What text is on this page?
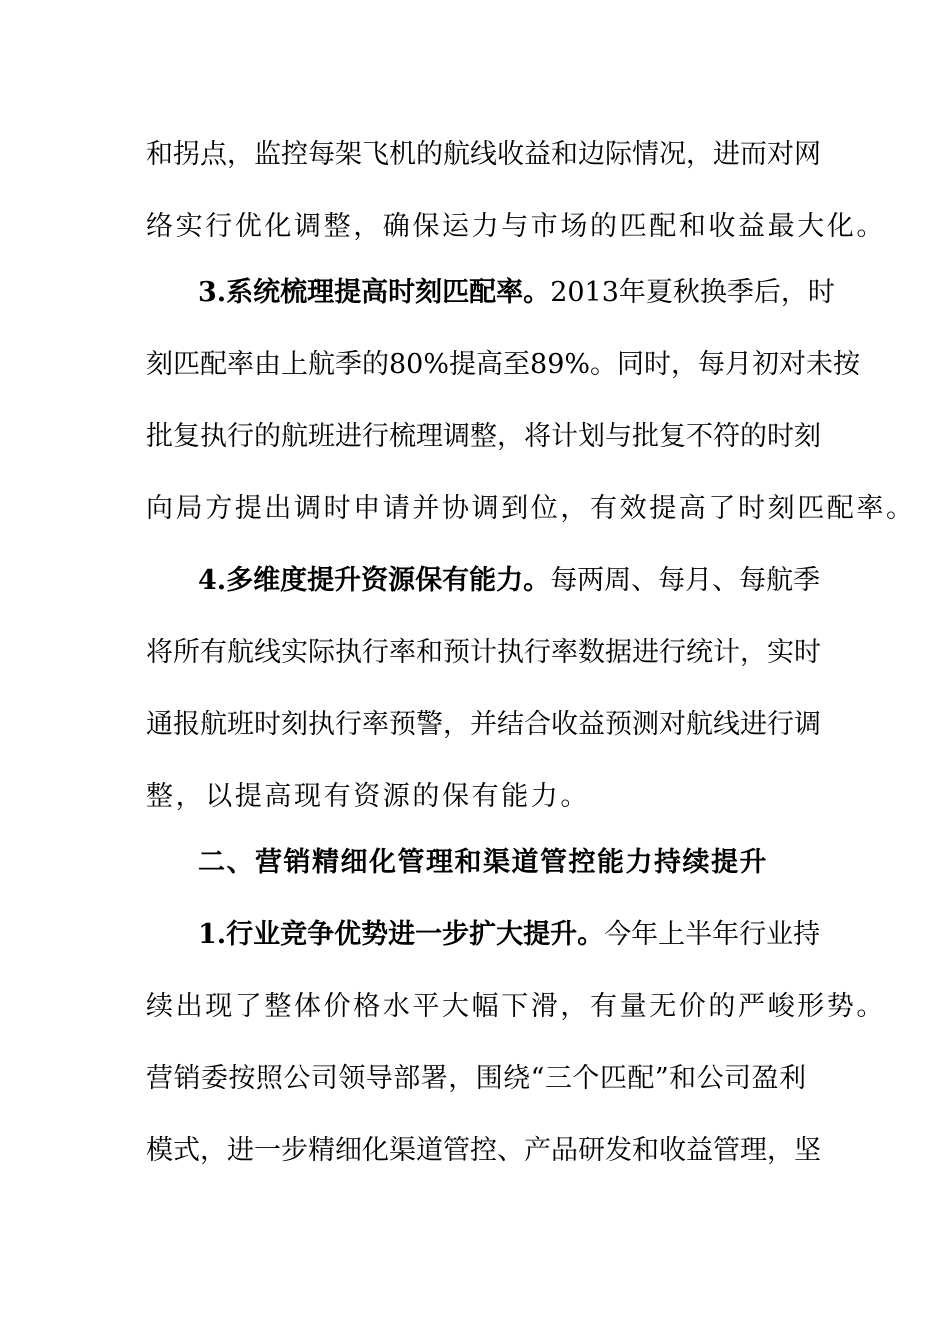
和拐点，监控每架飞机的航线收益和边际情况，进而对网
络实行优化调整，确保运力与市场的匹配和收益最大化。
3.系统梳理提高时刻匹配率。2013年夏秋换季后，时
刻匹配率由上航季的80%提高至89%。同时，每月初对未按
批复执行的航班进行梳理调整，将计划与批复不符的时刻
向局方提出调时申请并协调到位，有效提高了时刻匹配率。
4.多维度提升资源保有能力。每两周、每月、每航季
将所有航线实际执行率和预计执行率数据进行统计，实时
通报航班时刻执行率预警，并结合收益预测对航线进行调
整，以提高现有资源的保有能力。
二、营销精细化管理和渠道管控能力持续提升
1.行业竞争优势进一步扩大提升。今年上半年行业持
续出现了整体价格水平大幅下滑，有量无价的严峻形势。
营销委按照公司领导部署，围绕“三个匹配”和公司盈利
模式，进一步精细化渠道管控、产品研发和收益管理，坚
